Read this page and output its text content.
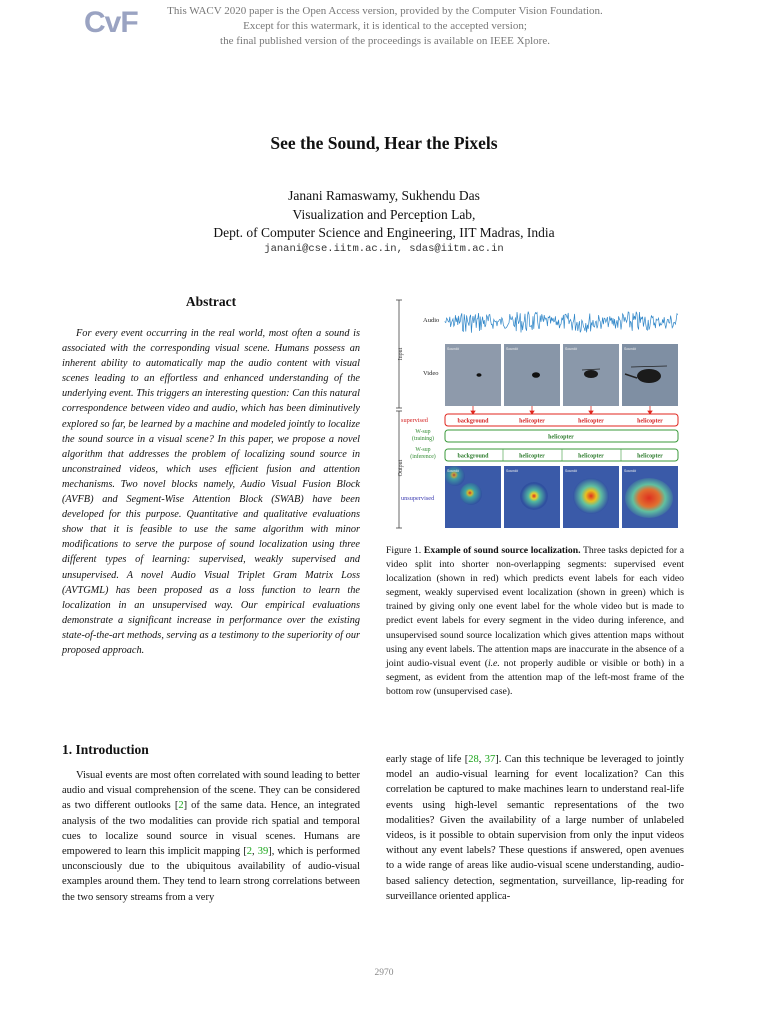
CvF	This WACV 2020 paper is the Open Access version, provided by the Computer Vision Foundation.
Except for this watermark, it is identical to the accepted version;
the final published version of the proceedings is available on IEEE Xplore.
See the Sound, Hear the Pixels
Janani Ramaswamy, Sukhendu Das
Visualization and Perception Lab,
Dept. of Computer Science and Engineering, IIT Madras, India
janani@cse.iitm.ac.in, sdas@iitm.ac.in
Abstract

For every event occurring in the real world, most often a sound is associated with the corresponding visual scene. Humans possess an inherent ability to automatically map the audio content with visual scenes leading to an effortless and enhanced understanding of the underlying event. This triggers an interesting question: Can this natural correspondence between video and audio, which has been diminutively explored so far, be learned by a machine and modeled jointly to localize the sound source in a visual scene? In this paper, we propose a novel algorithm that addresses the problem of localizing sound source in unconstrained videos, which uses efficient fusion and attention mechanisms. Two novel blocks namely, Audio Visual Fusion Block (AVFB) and Segment-Wise Attention Block (SWAB) have been developed for this purpose. Quantitative and qualitative evaluations show that it is feasible to use the same algorithm with minor modifications to serve the purpose of sound localization using three different types of learning: supervised, weakly supervised and unsupervised. A novel Audio Visual Triplet Gram Matrix Loss (AVTGML) has been proposed as a loss function to learn the localization in an unsupervised way. Our empirical evaluations demonstrate a significant increase in performance over the existing state-of-the-art methods, serving as a testimony to the superiority of our proposed approach.

Input
Output
Audio
Video
supervised
W-sup (training)
W-sup (inference)
unsupervised
Sound#	Sound#	Sound#	Sound#
background	helicopter	helicopter	helicopter
helicopter
background	helicopter	helicopter	helicopter
Sound#	Sound#	Sound#	Sound#

Figure 1. Example of sound source localization. Three tasks depicted for a video split into shorter non-overlapping segments: supervised event localization (shown in red) which predicts event labels for each video segment, weakly supervised event localization (shown in green) which is trained by giving only one event label for the whole video but is made to predict event labels for every segment in the video during inference, and unsupervised sound source localization which gives attention maps without using any event labels. The attention maps are inaccurate in the absence of a joint audio-visual event (i.e. not properly audible or visible or both) in a segment, as evident from the attention map of the left-most frame of the bottom row (unsupervised case).

1. Introduction

Visual events are most often correlated with sound leading to better audio and visual comprehension of the scene. They can be considered as two different outlooks [2] of the same data. Hence, an integrated analysis of the two modalities can provide rich spatial and temporal cues to localize sound source in visual scenes. Humans are empowered to learn this implicit mapping [2, 39], which is performed unconsciously due to the ubiquitous availability of audio-visual examples around them. They tend to learn strong correlations between the two sensory streams from a very

early stage of life [28, 37]. Can this technique be leveraged to jointly model an audio-visual learning for event localization? Can this correlation be captured to make machines learn to understand real-life events using high-level semantic representations of the two modalities? Given the availability of a large number of unlabeled videos, is it possible to obtain supervision from only the input videos without any event labels? These questions if answered, open avenues to a wide range of areas like audio-visual scene understanding, audio-based saliency detection, segmentation, surveillance, lip-reading for surveillance oriented applica-

2970
